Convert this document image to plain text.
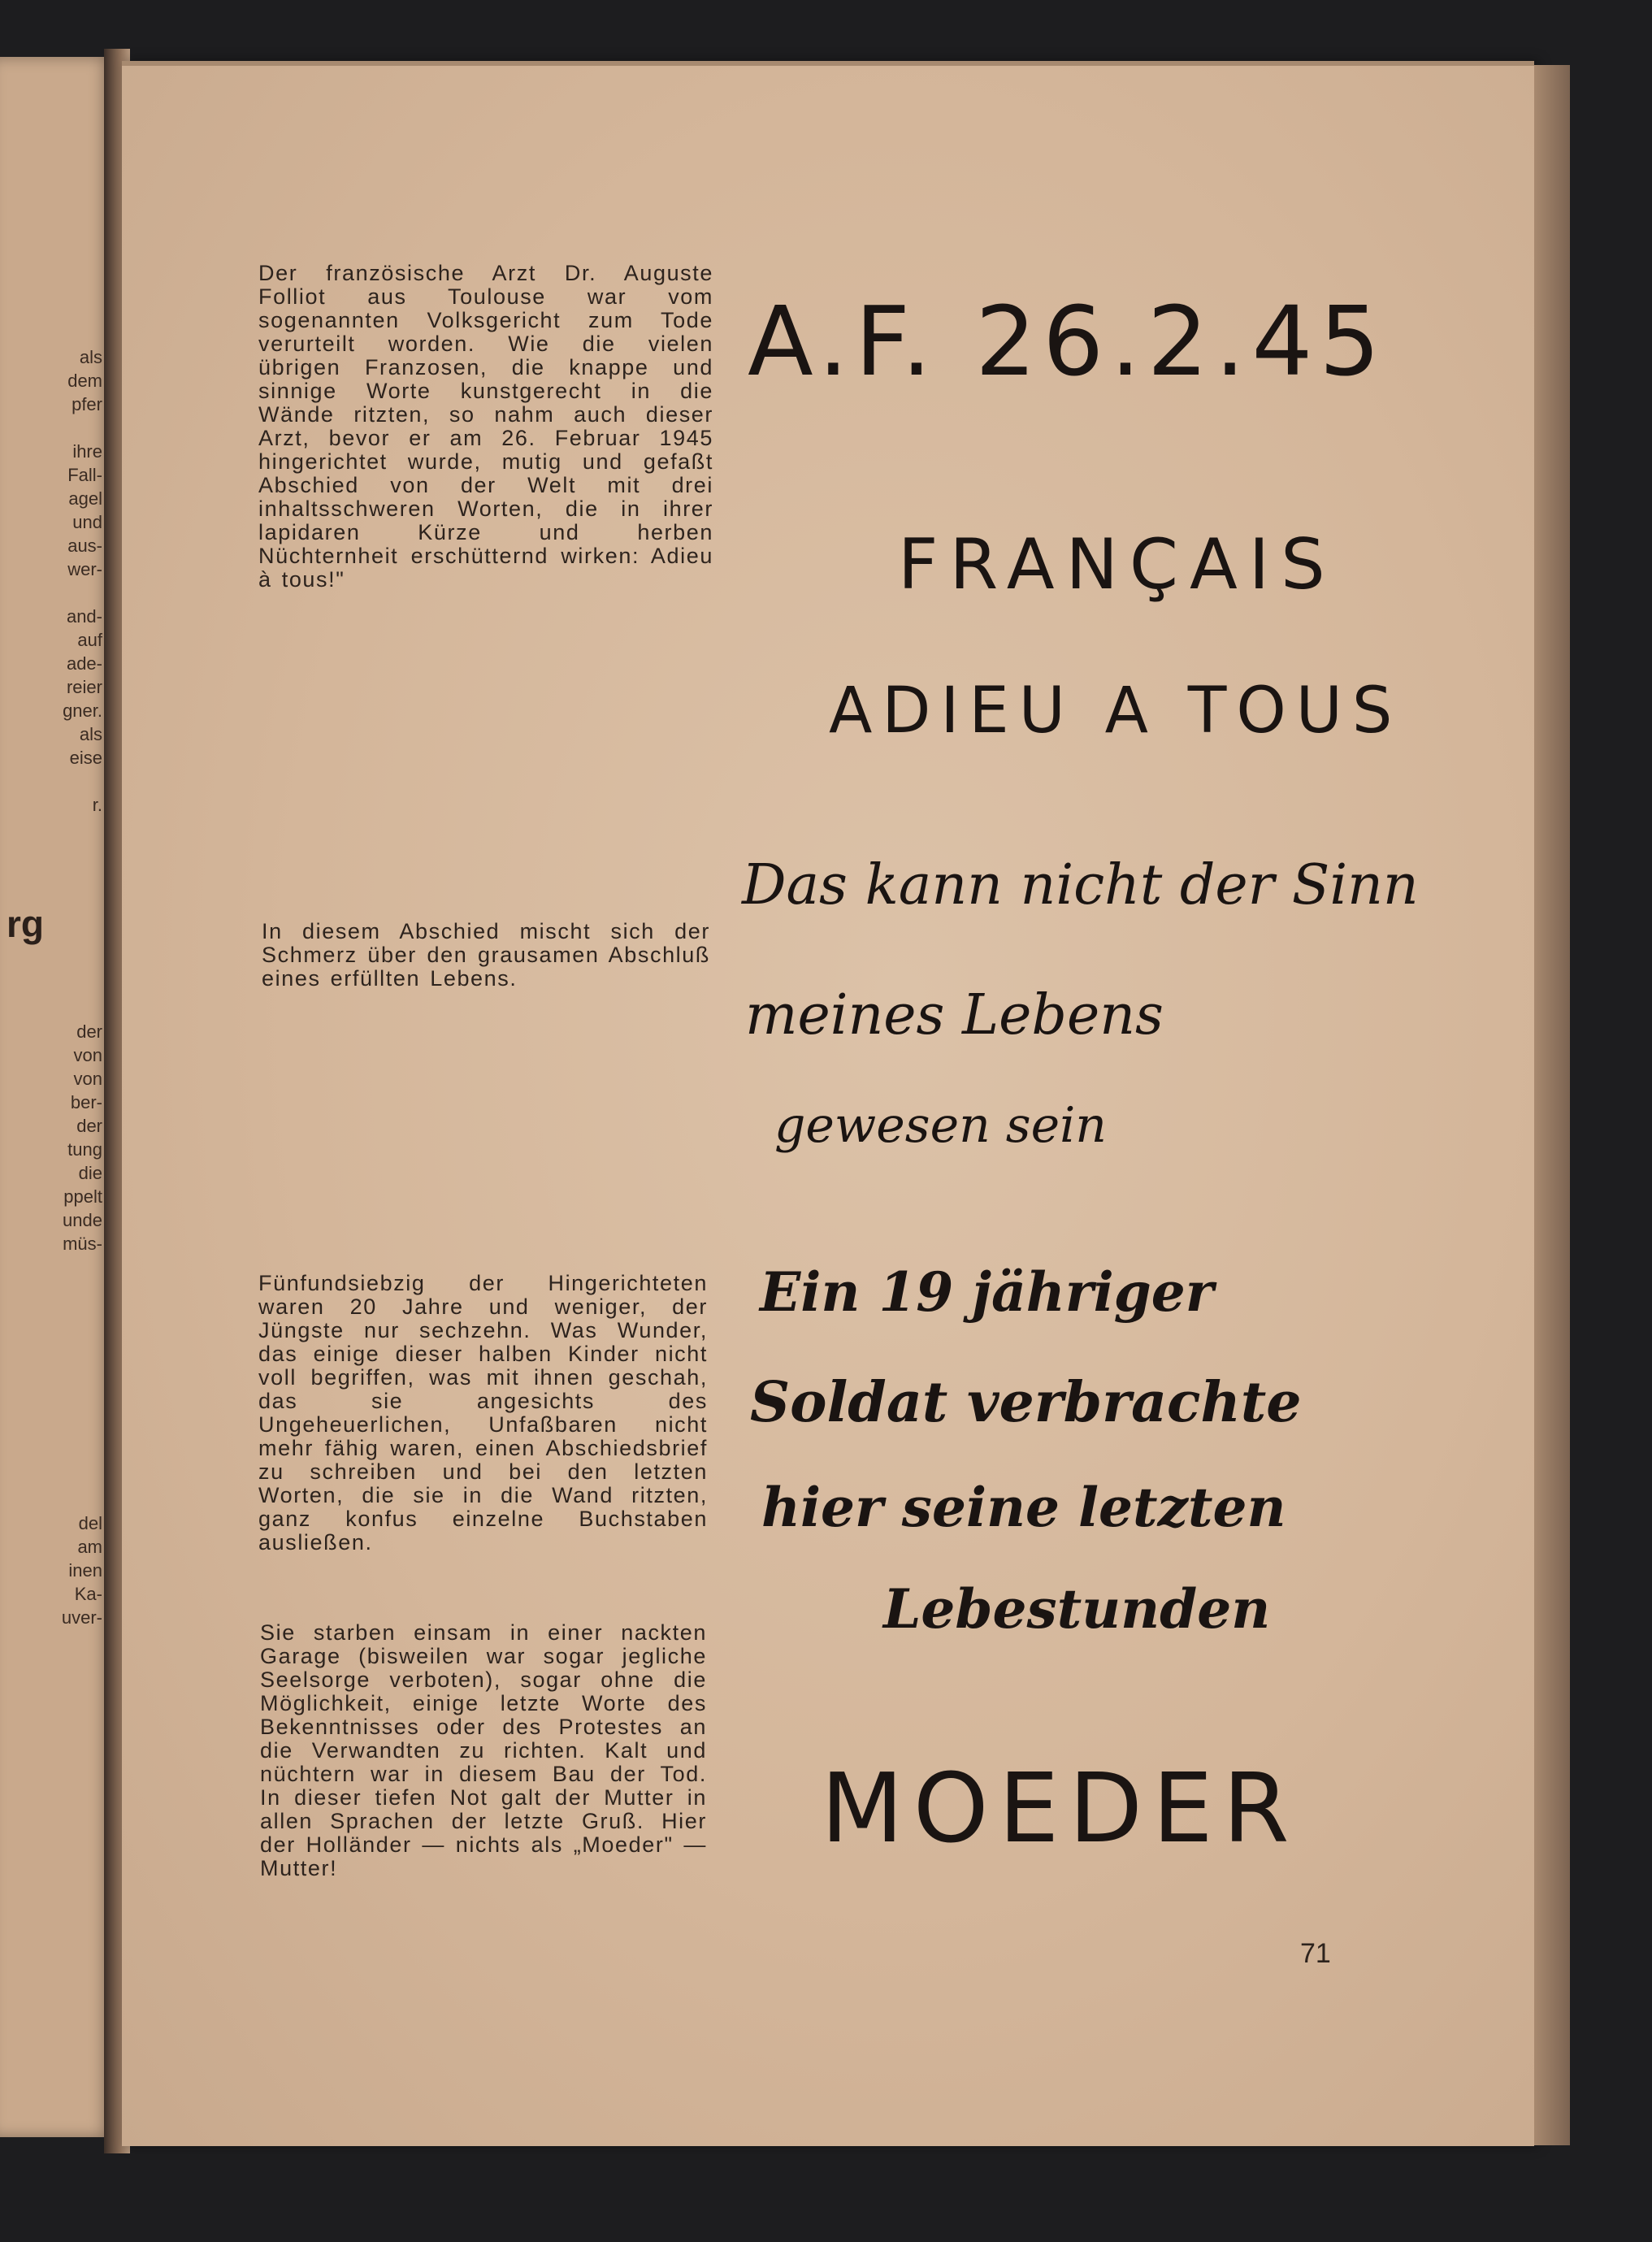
als
dem
pfer

ihre
Fall-
agel
und
aus-
wer-

and-
auf
ade-
reier
gner.
als
eise

r.
rg
der
von
von
ber-
der
tung
die
ppelt
unde
müs-
del
am
inen
Ka-
uver-

Der französische Arzt Dr. Auguste Folliot aus Toulouse war vom sogenannten Volksgericht zum Tode verurteilt worden. Wie die vielen übrigen Franzosen, die knappe und sinnige Worte kunstgerecht in die Wände ritzten, so nahm auch dieser Arzt, bevor er am 26. Februar 1945 hingerichtet wurde, mutig und gefaßt Abschied von der Welt mit drei inhaltsschweren Worten, die in ihrer lapidaren Kürze und herben Nüchternheit erschütternd wirken: Adieu à tous!"

In diesem Abschied mischt sich der Schmerz über den grausamen Abschluß eines erfüllten Lebens.

Fünfundsiebzig der Hingerichteten waren 20 Jahre und weniger, der Jüngste nur sechzehn. Was Wunder, das einige dieser halben Kinder nicht voll begriffen, was mit ihnen geschah, das sie angesichts des Ungeheuerlichen, Unfaßbaren nicht mehr fähig waren, einen Abschiedsbrief zu schreiben und bei den letzten Worten, die sie in die Wand ritzten, ganz konfus einzelne Buchstaben ausließen.

Sie starben einsam in einer nackten Garage (bisweilen war sogar jegliche Seelsorge verboten), sogar ohne die Möglichkeit, einige letzte Worte des Bekenntnisses oder des Protestes an die Verwandten zu richten. Kalt und nüchtern war in diesem Bau der Tod. In dieser tiefen Not galt der Mutter in allen Sprachen der letzte Gruß. Hier der Holländer — nichts als „Moeder" — Mutter!

A.F. 26.2.45
FRANÇAIS
ADIEU A TOUS
Das kann nicht der Sinn
meines Lebens
gewesen sein
Ein 19 jähriger
Soldat verbrachte
hier seine letzten
Lebestunden
MOEDER
71
